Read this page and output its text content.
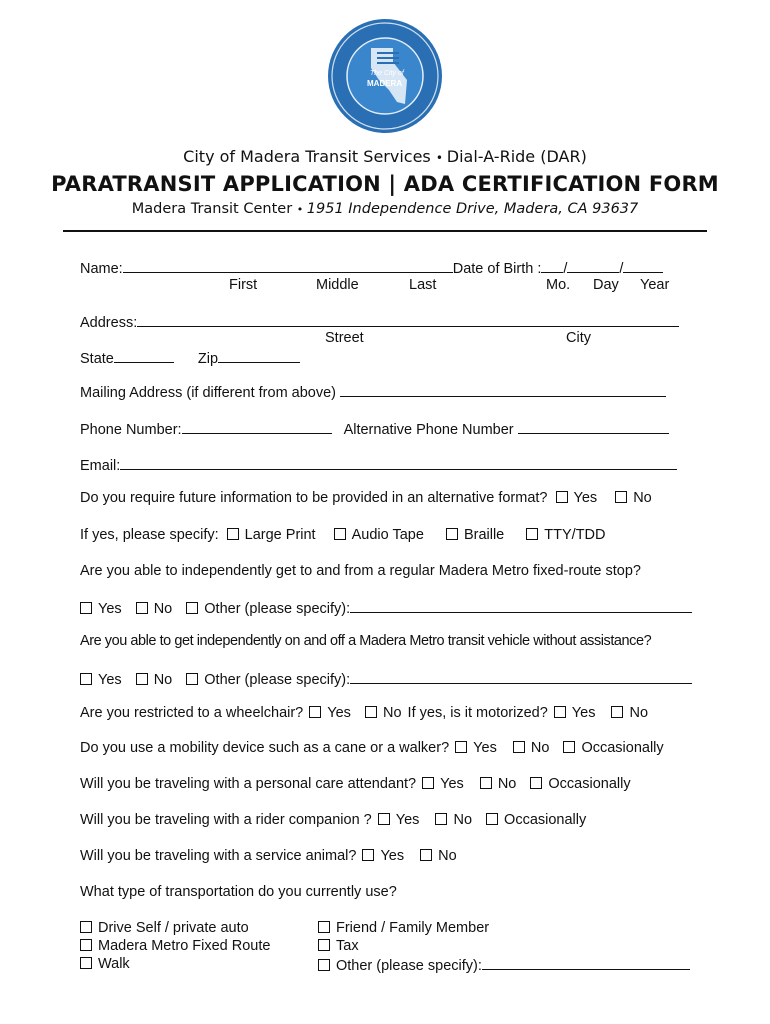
The City of
MADERA
City of Madera Transit Services • Dial-A-Ride (DAR)
PARATRANSIT APPLICATION | ADA CERTIFICATION FORM
Madera Transit Center • 1951 Independence Drive, Madera, CA 93637
Name:	Date of Birth : /	/
First	Middle	Last	Mo. Day Year
Address:
Street	City
State	Zip
Mailing Address (if different from above)
Phone Number:	Alternative Phone Number
Email:
Do you require future information to be provided in an alternative format? Yes No
If yes, please specify: Large Print Audio Tape	Braille	TTY/TDD
Are you able to independently get to and from a regular Madera Metro fixed-route stop?
Yes No Other (please specify):
Are you able to get independently on and off a Madera Metro transit vehicle without assistance?
Yes No Other (please specify):
Are you restricted to a wheelchair? Yes No If yes, is it motorized? Yes No
Do you use a mobility device such as a cane or a walker? Yes No Occasionally
Will you be traveling with a personal care attendant? Yes No Occasionally
Will you be traveling with a rider companion ? Yes No Occasionally
Will you be traveling with a service animal? Yes No
What type of transportation do you currently use?
Drive Self / private auto
Madera Metro Fixed Route
Walk
Friend / Family Member
Tax
Other (please specify):
